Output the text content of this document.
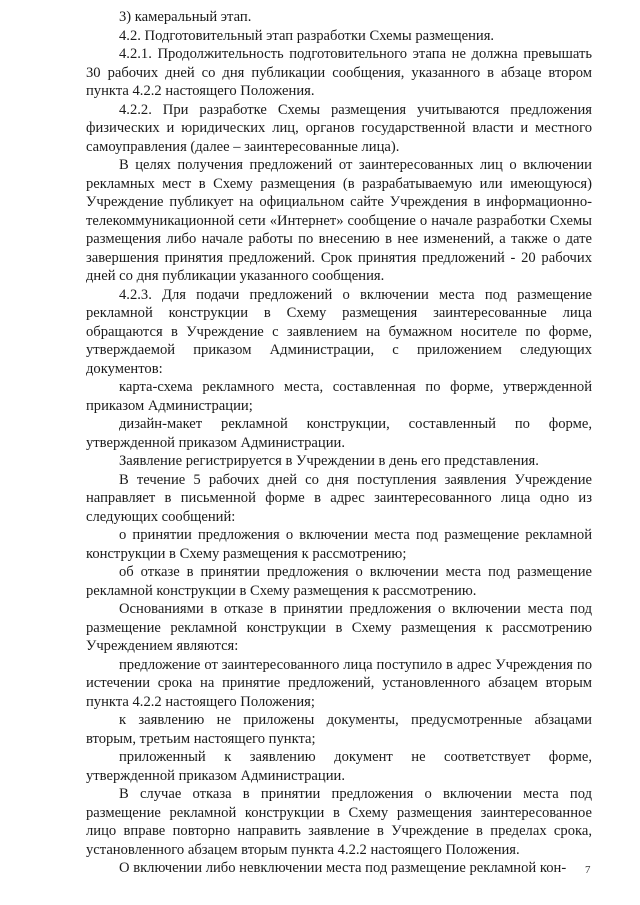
3) камеральный этап.

4.2. Подготовительный этап разработки Схемы размещения.

4.2.1. Продолжительность подготовительного этапа не должна превышать 30 рабочих дней со дня публикации сообщения, указанного в абзаце втором пункта 4.2.2 настоящего Положения.

4.2.2. При разработке Схемы размещения учитываются предложения физических и юридических лиц, органов государственной власти и местного самоуправления (далее – заинтересованные лица).

В целях получения предложений от заинтересованных лиц о включении рекламных мест в Схему размещения (в разрабатываемую или имеющуюся) Учреждение публикует на официальном сайте Учреждения в информационно-телекоммуникационной сети «Интернет» сообщение о начале разработки Схемы размещения либо начале работы по внесению в нее изменений, а также о дате завершения принятия предложений. Срок принятия предложений - 20 рабочих дней со дня публикации указанного сообщения.

4.2.3. Для подачи предложений о включении места под размещение рекламной конструкции в Схему размещения заинтересованные лица обращаются в Учреждение с заявлением на бумажном носителе по форме, утверждаемой приказом Администрации, с приложением следующих документов:

карта-схема рекламного места, составленная по форме, утвержденной приказом Администрации;

дизайн-макет рекламной конструкции, составленный по форме, утвержденной приказом Администрации.

Заявление регистрируется в Учреждении в день его представления.

В течение 5 рабочих дней со дня поступления заявления Учреждение направляет в письменной форме в адрес заинтересованного лица одно из следующих сообщений:

о принятии предложения о включении места под размещение рекламной конструкции в Схему размещения к рассмотрению;

об отказе в принятии предложения о включении места под размещение рекламной конструкции в Схему размещения к рассмотрению.

Основаниями в отказе в принятии предложения о включении места под размещение рекламной конструкции в Схему размещения к рассмотрению Учреждением являются:

предложение от заинтересованного лица поступило в адрес Учреждения по истечении срока на принятие предложений, установленного абзацем вторым пункта 4.2.2 настоящего Положения;

к заявлению не приложены документы, предусмотренные абзацами вторым, третьим настоящего пункта;

приложенный к заявлению документ не соответствует форме, утвержденной приказом Администрации.

В случае отказа в принятии предложения о включении места под размещение рекламной конструкции в Схему размещения заинтересованное лицо вправе повторно направить заявление в Учреждение в пределах срока, установленного абзацем вторым пункта 4.2.2 настоящего Положения.

О включении либо невключении места под размещение рекламной кон-	7
